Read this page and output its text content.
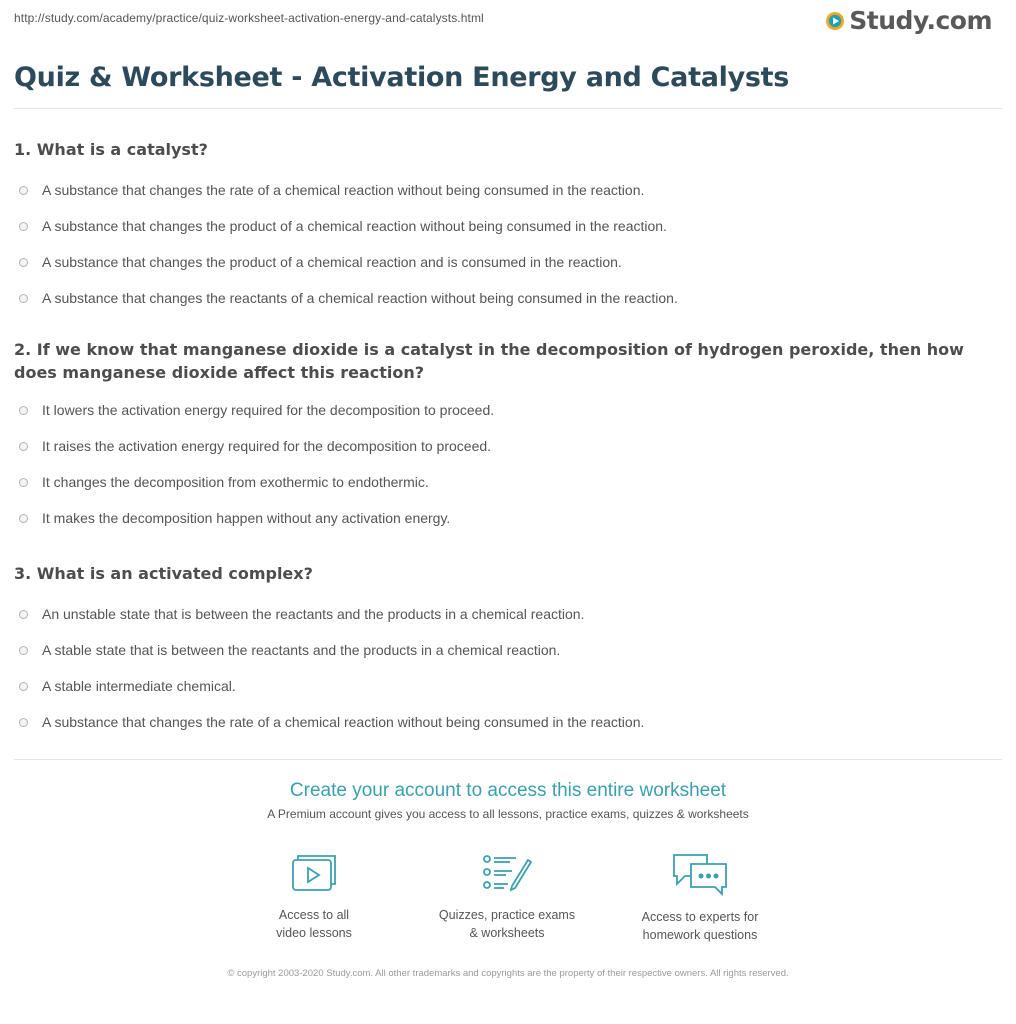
http://study.com/academy/practice/quiz-worksheet-activation-energy-and-catalysts.html	Study.com
Quiz & Worksheet - Activation Energy and Catalysts
1. What is a catalyst?
A substance that changes the rate of a chemical reaction without being consumed in the reaction.
A substance that changes the product of a chemical reaction without being consumed in the reaction.
A substance that changes the product of a chemical reaction and is consumed in the reaction.
A substance that changes the reactants of a chemical reaction without being consumed in the reaction.
2. If we know that manganese dioxide is a catalyst in the decomposition of hydrogen peroxide, then how does manganese dioxide affect this reaction?
It lowers the activation energy required for the decomposition to proceed.
It raises the activation energy required for the decomposition to proceed.
It changes the decomposition from exothermic to endothermic.
It makes the decomposition happen without any activation energy.
3. What is an activated complex?
An unstable state that is between the reactants and the products in a chemical reaction.
A stable state that is between the reactants and the products in a chemical reaction.
A stable intermediate chemical.
A substance that changes the rate of a chemical reaction without being consumed in the reaction.
Create your account to access this entire worksheet
A Premium account gives you access to all lessons, practice exams, quizzes & worksheets
Access to all
video lessons
Quizzes, practice exams
& worksheets
Access to experts for
homework questions
© copyright 2003-2020 Study.com. All other trademarks and copyrights are the property of their respective owners. All rights reserved.
